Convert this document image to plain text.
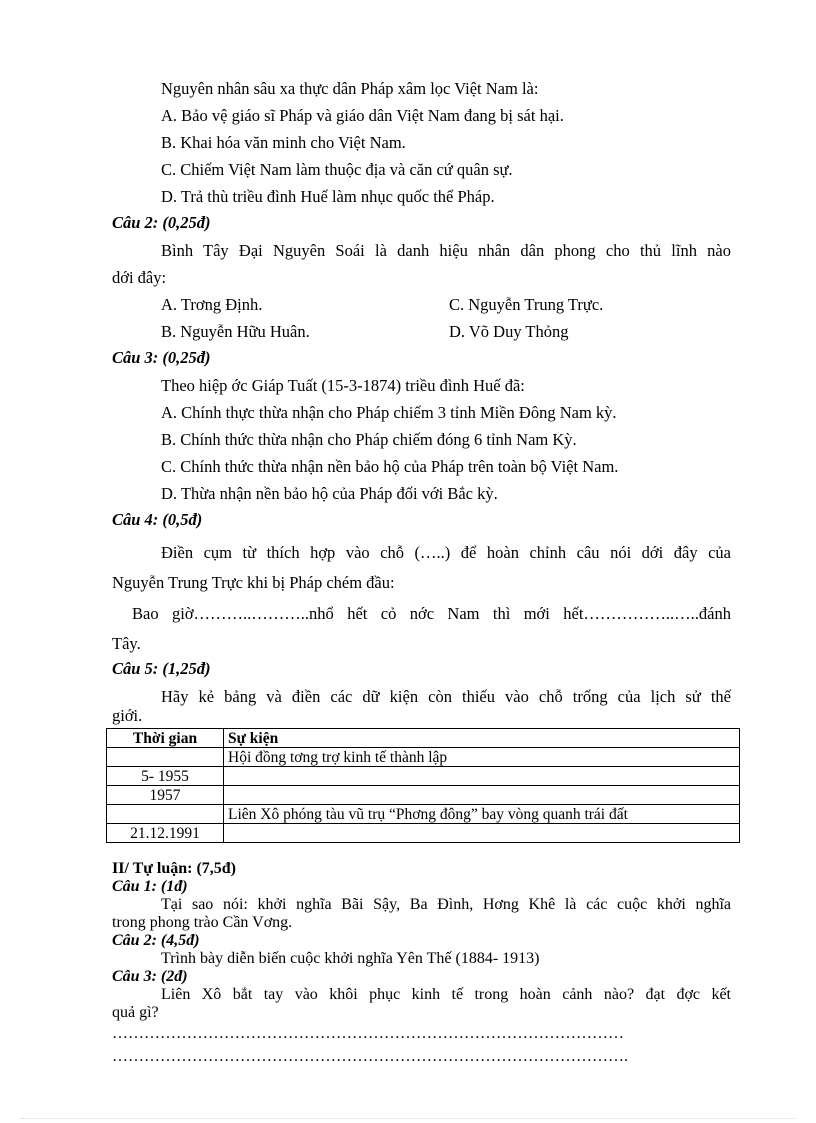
Nguyên nhân sâu xa thực dân Pháp xâm lọc Việt Nam là:
A. Bảo vệ giáo sĩ Pháp và giáo dân Việt Nam đang bị sát hại.
B. Khai hóa văn minh cho Việt Nam.
C. Chiếm Việt Nam làm thuộc địa và căn cứ quân sự.
D. Trả thù triều đình Huế làm nhục quốc thể Pháp.
Câu 2: (0,25đ)
Bình Tây Đại Nguyên Soái là danh hiệu nhân dân phong cho thủ lĩnh nào
dới đây:
A. Trơng Định.	C. Nguyễn Trung Trực.
B. Nguyễn Hữu Huân.	D. Võ Duy Thỏng
Câu 3: (0,25đ)
Theo hiệp ớc Giáp Tuất (15-3-1874) triều đình Huế đã:
A. Chính thực thừa nhận cho Pháp chiếm 3 tỉnh Miền Đông Nam kỳ.
B. Chính thức thừa nhận cho Pháp chiếm đóng 6 tỉnh Nam Kỳ.
C. Chính thức thừa nhận nền bảo hộ của Pháp trên toàn bộ Việt Nam.
D. Thừa nhận nền bảo hộ của Pháp đối với Bắc kỳ.
Câu 4: (0,5đ)
Điền cụm từ thích hợp vào chỗ (…..) để hoàn chỉnh câu nói dới đây của
Nguyễn Trung Trực khi bị Pháp chém đầu:
Bao giờ………..………..nhổ hết cỏ nớc Nam thì mới hết……………..…..đánh
Tây.
Câu 5: (1,25đ)
Hãy kẻ bảng và điền các dữ kiện còn thiếu vào chỗ trống của lịch sử thế
giới.
Thời gian	Sự kiện
	Hội đồng tơng trợ kinh tế thành lập
5- 1955	
1957	
	Liên Xô phóng tàu vũ trụ “Phơng đông” bay vòng quanh trái đất
21.12.1991	
II/ Tự luận: (7,5đ)
Câu 1: (1đ)
Tại sao nói: khởi nghĩa Bãi Sậy, Ba Đình, Hơng Khê là các cuộc khởi nghĩa
trong phong trào Cần Vơng.
Câu 2: (4,5đ)
Trình bày diễn biến cuộc khởi nghĩa Yên Thế (1884- 1913)
Câu 3: (2đ)
Liên Xô bắt tay vào khôi phục kinh tế trong hoàn cảnh nào? đạt đợc kết
quả gì?
……………………………………………………………………………………
…………………………………………………………………………………….
